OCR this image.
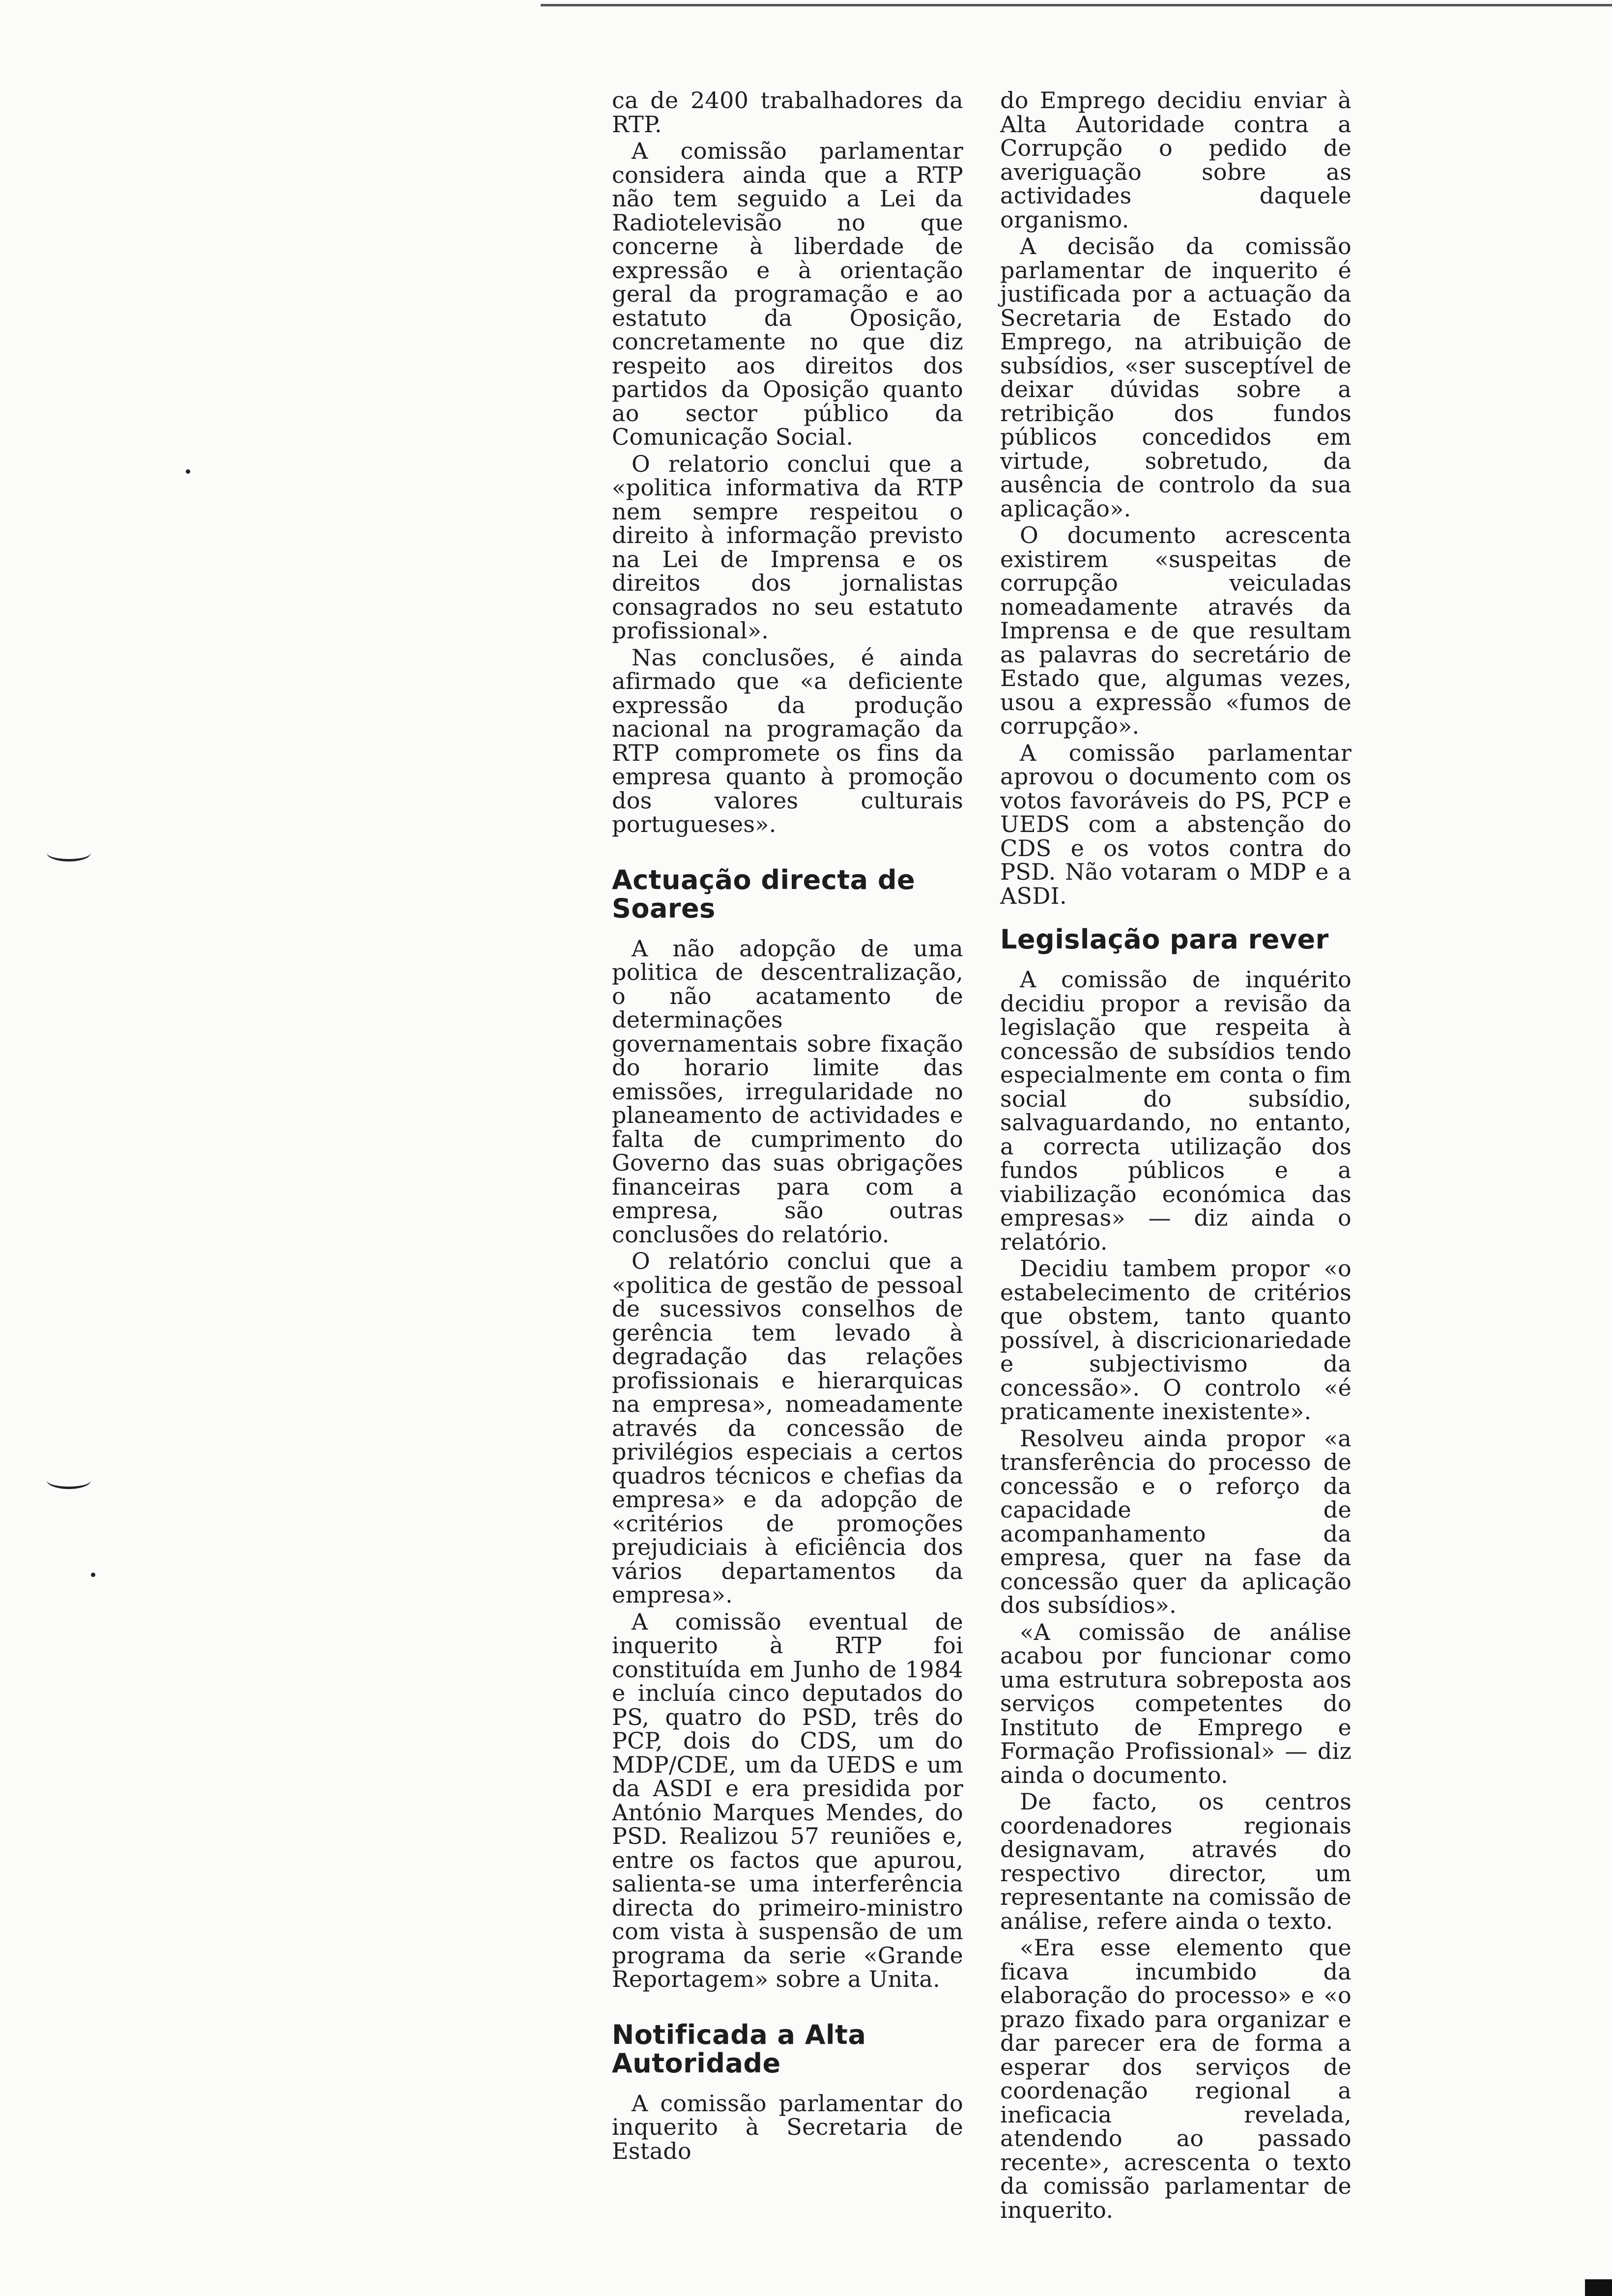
ca de 2400 trabalhadores da RTP.

A comissão parlamentar considera ainda que a RTP não tem seguido a Lei da Radiotelevisão no que concerne à liberdade de expressão e à orientação geral da programação e ao estatuto da Oposição, concretamente no que diz respeito aos direitos dos partidos da Oposição quanto ao sector público da Comunicação Social.

O relatorio conclui que a «politica informativa da RTP nem sempre respeitou o direito à informação previsto na Lei de Imprensa e os direitos dos jornalistas consagrados no seu estatuto profissional».

Nas conclusões, é ainda afirmado que «a deficiente expressão da produção nacional na programação da RTP compromete os fins da empresa quanto à promoção dos valores culturais portugueses».

Actuação directa de Soares

A não adopção de uma politica de descentralização, o não acatamento de determinações governamentais sobre fixação do horario limite das emissões, irregularidade no planeamento de actividades e falta de cumprimento do Governo das suas obrigações financeiras para com a empresa, são outras conclusões do relatório.

O relatório conclui que a «politica de gestão de pessoal de sucessivos conselhos de gerência tem levado à degradação das relações profissionais e hierarquicas na empresa», nomeadamente através da concessão de privilégios especiais a certos quadros técnicos e chefias da empresa» e da adopção de «critérios de promoções prejudiciais à eficiência dos vários departamentos da empresa».

A comissão eventual de inquerito à RTP foi constituída em Junho de 1984 e incluía cinco deputados do PS, quatro do PSD, três do PCP, dois do CDS, um do MDP/CDE, um da UEDS e um da ASDI e era presidida por António Marques Mendes, do PSD. Realizou 57 reuniões e, entre os factos que apurou, salienta-se uma interferência directa do primeiro-ministro com vista à suspensão de um programa da serie «Grande Reportagem» sobre a Unita.

Notificada a Alta Autoridade

A comissão parlamentar do inquerito à Secretaria de Estado

do Emprego decidiu enviar à Alta Autoridade contra a Corrupção o pedido de averiguação sobre as actividades daquele organismo.

A decisão da comissão parlamentar de inquerito é justificada por a actuação da Secretaria de Estado do Emprego, na atribuição de subsídios, «ser susceptível de deixar dúvidas sobre a retribição dos fundos públicos concedidos em virtude, sobretudo, da ausência de controlo da sua aplicação».

O documento acrescenta existirem «suspeitas de corrupção veiculadas nomeadamente através da Imprensa e de que resultam as palavras do secretário de Estado que, algumas vezes, usou a expressão «fumos de corrupção».

A comissão parlamentar aprovou o documento com os votos favoráveis do PS, PCP e UEDS com a abstenção do CDS e os votos contra do PSD. Não votaram o MDP e a ASDI.

Legislação para rever

A comissão de inquérito decidiu propor a revisão da legislação que respeita à concessão de subsídios tendo especialmente em conta o fim social do subsídio, salvaguardando, no entanto, a correcta utilização dos fundos públicos e a viabilização económica das empresas» — diz ainda o relatório.

Decidiu tambem propor «o estabelecimento de critérios que obstem, tanto quanto possível, à discricionariedade e subjectivismo da concessão». O controlo «é praticamente inexistente».

Resolveu ainda propor «a transferência do processo de concessão e o reforço da capacidade de acompanhamento da empresa, quer na fase da concessão quer da aplicação dos subsídios».

«A comissão de análise acabou por funcionar como uma estrutura sobreposta aos serviços competentes do Instituto de Emprego e Formação Profissional» — diz ainda o documento.

De facto, os centros coordenadores regionais designavam, através do respectivo director, um representante na comissão de análise, refere ainda o texto.

«Era esse elemento que ficava incumbido da elaboração do processo» e «o prazo fixado para organizar e dar parecer era de forma a esperar dos serviços de coordenação regional a ineficacia revelada, atendendo ao passado recente», acrescenta o texto da comissão parlamentar de inquerito.
